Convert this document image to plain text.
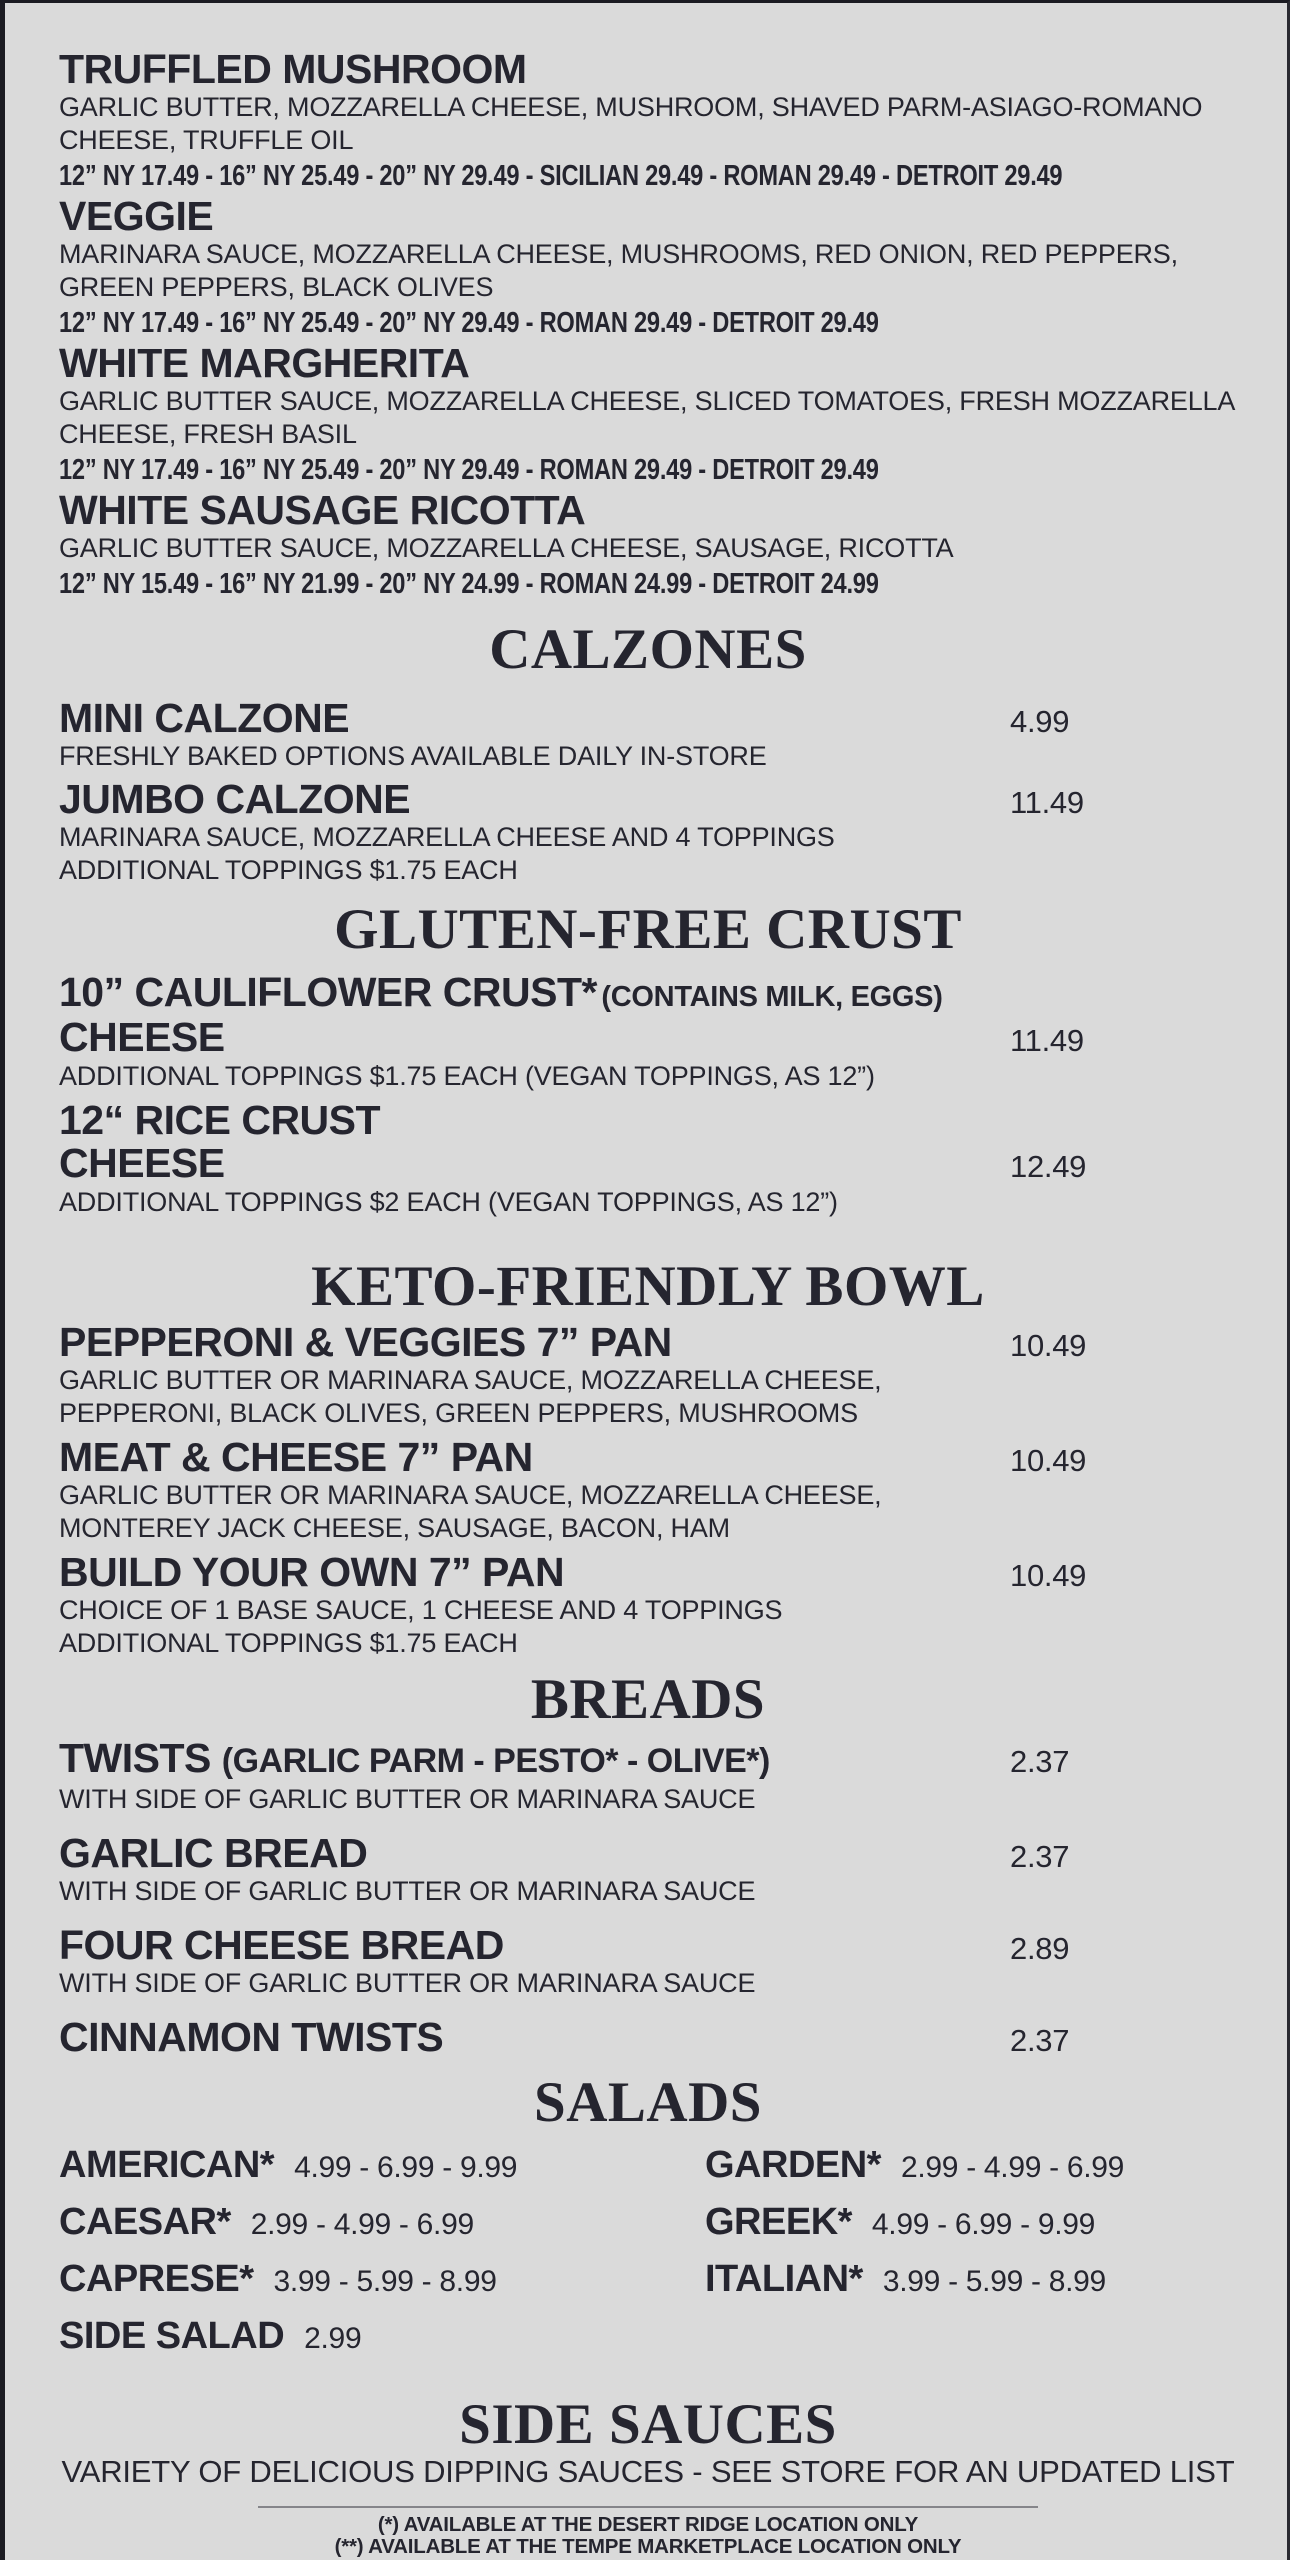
TRUFFLED MUSHROOM
GARLIC BUTTER, MOZZARELLA CHEESE, MUSHROOM, SHAVED PARM-ASIAGO-ROMANO
CHEESE, TRUFFLE OIL
12” NY 17.49 - 16” NY 25.49 - 20” NY 29.49 - SICILIAN 29.49 - ROMAN 29.49 - DETROIT 29.49
VEGGIE
MARINARA SAUCE, MOZZARELLA CHEESE, MUSHROOMS, RED ONION, RED PEPPERS,
GREEN PEPPERS, BLACK OLIVES
12” NY 17.49 - 16” NY 25.49 - 20” NY 29.49 - ROMAN 29.49 - DETROIT 29.49
WHITE MARGHERITA
GARLIC BUTTER SAUCE, MOZZARELLA CHEESE, SLICED TOMATOES, FRESH MOZZARELLA
CHEESE, FRESH BASIL
12” NY 17.49 - 16” NY 25.49 - 20” NY 29.49 - ROMAN 29.49 - DETROIT 29.49
WHITE SAUSAGE RICOTTA
GARLIC BUTTER SAUCE, MOZZARELLA CHEESE, SAUSAGE, RICOTTA
12” NY 15.49 - 16” NY 21.99 - 20” NY 24.99 - ROMAN 24.99 - DETROIT 24.99
CALZONES
MINI CALZONE	4.99
FRESHLY BAKED OPTIONS AVAILABLE DAILY IN-STORE
JUMBO CALZONE	11.49
MARINARA SAUCE, MOZZARELLA CHEESE AND 4 TOPPINGS
ADDITIONAL TOPPINGS $1.75 EACH
GLUTEN-FREE CRUST
10” CAULIFLOWER CRUST* (CONTAINS MILK, EGGS)
CHEESE	11.49
ADDITIONAL TOPPINGS $1.75 EACH (VEGAN TOPPINGS, AS 12”)
12“ RICE CRUST
CHEESE	12.49
ADDITIONAL TOPPINGS $2 EACH (VEGAN TOPPINGS, AS 12”)
KETO-FRIENDLY BOWL
PEPPERONI & VEGGIES 7” PAN	10.49
GARLIC BUTTER OR MARINARA SAUCE, MOZZARELLA CHEESE,
PEPPERONI, BLACK OLIVES, GREEN PEPPERS, MUSHROOMS
MEAT & CHEESE 7” PAN	10.49
GARLIC BUTTER OR MARINARA SAUCE, MOZZARELLA CHEESE,
MONTEREY JACK CHEESE, SAUSAGE, BACON, HAM
BUILD YOUR OWN 7” PAN	10.49
CHOICE OF 1 BASE SAUCE, 1 CHEESE AND 4 TOPPINGS
ADDITIONAL TOPPINGS $1.75 EACH
BREADS
TWISTS (GARLIC PARM - PESTO* - OLIVE*)	2.37
WITH SIDE OF GARLIC BUTTER OR MARINARA SAUCE
GARLIC BREAD	2.37
WITH SIDE OF GARLIC BUTTER OR MARINARA SAUCE
FOUR CHEESE BREAD	2.89
WITH SIDE OF GARLIC BUTTER OR MARINARA SAUCE
CINNAMON TWISTS	2.37
SALADS
AMERICAN* 4.99 - 6.99 - 9.99
CAESAR* 2.99 - 4.99 - 6.99
CAPRESE* 3.99 - 5.99 - 8.99
SIDE SALAD 2.99
GARDEN* 2.99 - 4.99 - 6.99
GREEK* 4.99 - 6.99 - 9.99
ITALIAN* 3.99 - 5.99 - 8.99
SIDE SAUCES
VARIETY OF DELICIOUS DIPPING SAUCES - SEE STORE FOR AN UPDATED LIST
(*) AVAILABLE AT THE DESERT RIDGE LOCATION ONLY
(**) AVAILABLE AT THE TEMPE MARKETPLACE LOCATION ONLY
